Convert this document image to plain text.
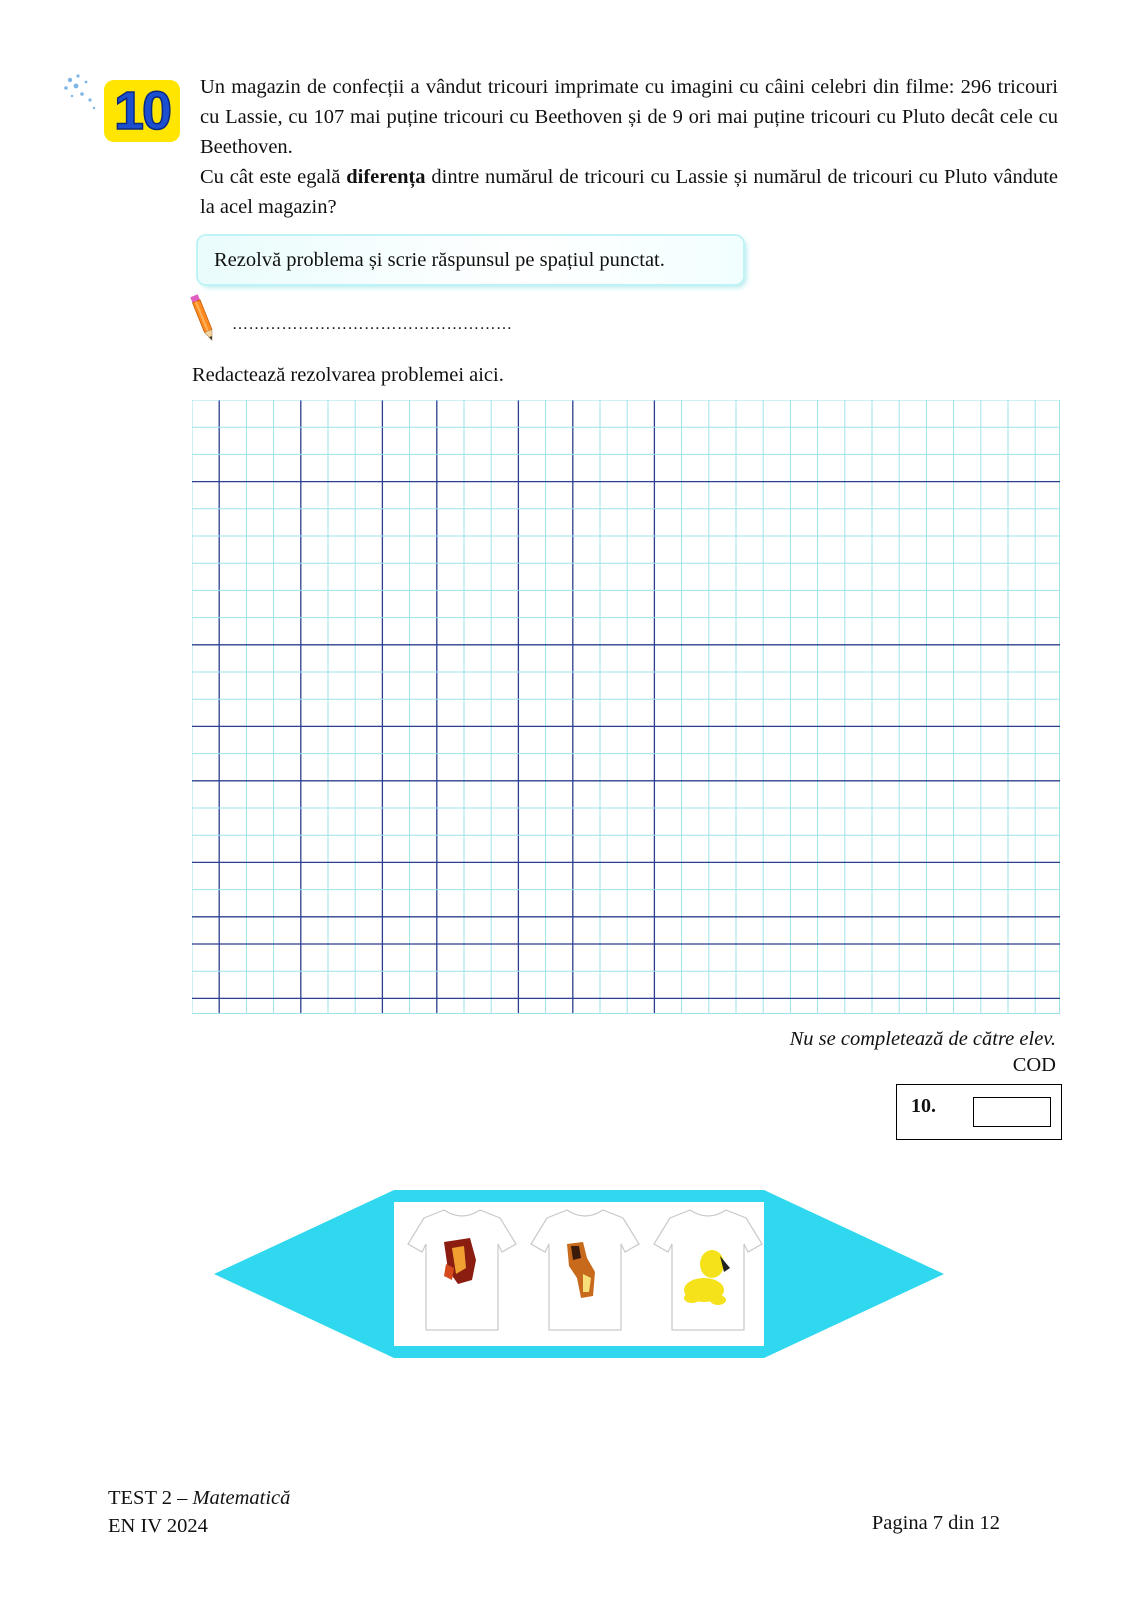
10 Un magazin de confecții a vândut tricouri imprimate cu imagini cu câini celebri din filme: 296 tricouri cu Lassie, cu 107 mai puține tricouri cu Beethoven și de 9 ori mai puține tricouri cu Pluto decât cele cu Beethoven.

Cu cât este egală diferența dintre numărul de tricouri cu Lassie și numărul de tricouri cu Pluto vândute la acel magazin?

Rezolvă problema și scrie răspunsul pe spațiul punctat.
……………………………………………
Redactează rezolvarea problemei aici.
Nu se completează de către elev.
COD
10.
TEST 2 – Matematică
EN IV 2024	Pagina 7 din 12
